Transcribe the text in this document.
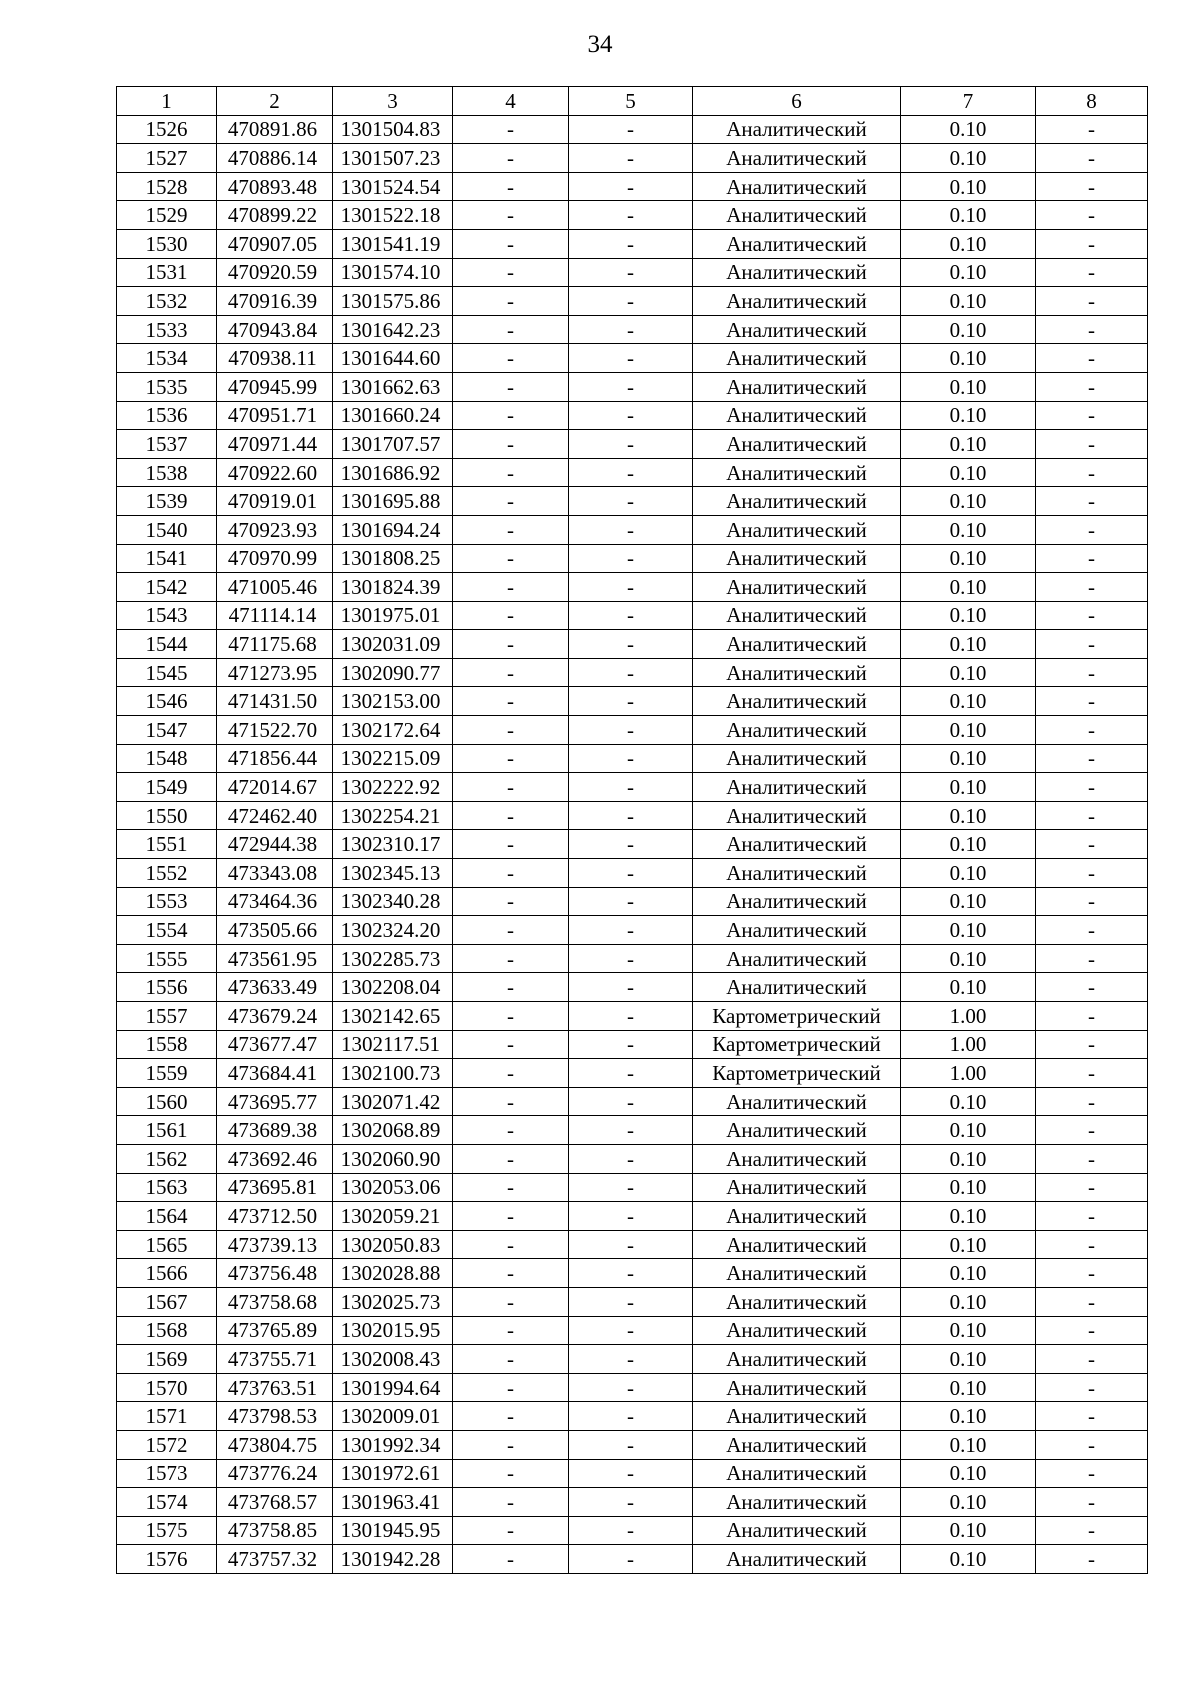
34
1	2	3	4	5	6	7	8
1526	470891.86	1301504.83	-	-	Аналитический	0.10	-
1527	470886.14	1301507.23	-	-	Аналитический	0.10	-
1528	470893.48	1301524.54	-	-	Аналитический	0.10	-
1529	470899.22	1301522.18	-	-	Аналитический	0.10	-
1530	470907.05	1301541.19	-	-	Аналитический	0.10	-
1531	470920.59	1301574.10	-	-	Аналитический	0.10	-
1532	470916.39	1301575.86	-	-	Аналитический	0.10	-
1533	470943.84	1301642.23	-	-	Аналитический	0.10	-
1534	470938.11	1301644.60	-	-	Аналитический	0.10	-
1535	470945.99	1301662.63	-	-	Аналитический	0.10	-
1536	470951.71	1301660.24	-	-	Аналитический	0.10	-
1537	470971.44	1301707.57	-	-	Аналитический	0.10	-
1538	470922.60	1301686.92	-	-	Аналитический	0.10	-
1539	470919.01	1301695.88	-	-	Аналитический	0.10	-
1540	470923.93	1301694.24	-	-	Аналитический	0.10	-
1541	470970.99	1301808.25	-	-	Аналитический	0.10	-
1542	471005.46	1301824.39	-	-	Аналитический	0.10	-
1543	471114.14	1301975.01	-	-	Аналитический	0.10	-
1544	471175.68	1302031.09	-	-	Аналитический	0.10	-
1545	471273.95	1302090.77	-	-	Аналитический	0.10	-
1546	471431.50	1302153.00	-	-	Аналитический	0.10	-
1547	471522.70	1302172.64	-	-	Аналитический	0.10	-
1548	471856.44	1302215.09	-	-	Аналитический	0.10	-
1549	472014.67	1302222.92	-	-	Аналитический	0.10	-
1550	472462.40	1302254.21	-	-	Аналитический	0.10	-
1551	472944.38	1302310.17	-	-	Аналитический	0.10	-
1552	473343.08	1302345.13	-	-	Аналитический	0.10	-
1553	473464.36	1302340.28	-	-	Аналитический	0.10	-
1554	473505.66	1302324.20	-	-	Аналитический	0.10	-
1555	473561.95	1302285.73	-	-	Аналитический	0.10	-
1556	473633.49	1302208.04	-	-	Аналитический	0.10	-
1557	473679.24	1302142.65	-	-	Картометрический	1.00	-
1558	473677.47	1302117.51	-	-	Картометрический	1.00	-
1559	473684.41	1302100.73	-	-	Картометрический	1.00	-
1560	473695.77	1302071.42	-	-	Аналитический	0.10	-
1561	473689.38	1302068.89	-	-	Аналитический	0.10	-
1562	473692.46	1302060.90	-	-	Аналитический	0.10	-
1563	473695.81	1302053.06	-	-	Аналитический	0.10	-
1564	473712.50	1302059.21	-	-	Аналитический	0.10	-
1565	473739.13	1302050.83	-	-	Аналитический	0.10	-
1566	473756.48	1302028.88	-	-	Аналитический	0.10	-
1567	473758.68	1302025.73	-	-	Аналитический	0.10	-
1568	473765.89	1302015.95	-	-	Аналитический	0.10	-
1569	473755.71	1302008.43	-	-	Аналитический	0.10	-
1570	473763.51	1301994.64	-	-	Аналитический	0.10	-
1571	473798.53	1302009.01	-	-	Аналитический	0.10	-
1572	473804.75	1301992.34	-	-	Аналитический	0.10	-
1573	473776.24	1301972.61	-	-	Аналитический	0.10	-
1574	473768.57	1301963.41	-	-	Аналитический	0.10	-
1575	473758.85	1301945.95	-	-	Аналитический	0.10	-
1576	473757.32	1301942.28	-	-	Аналитический	0.10	-
